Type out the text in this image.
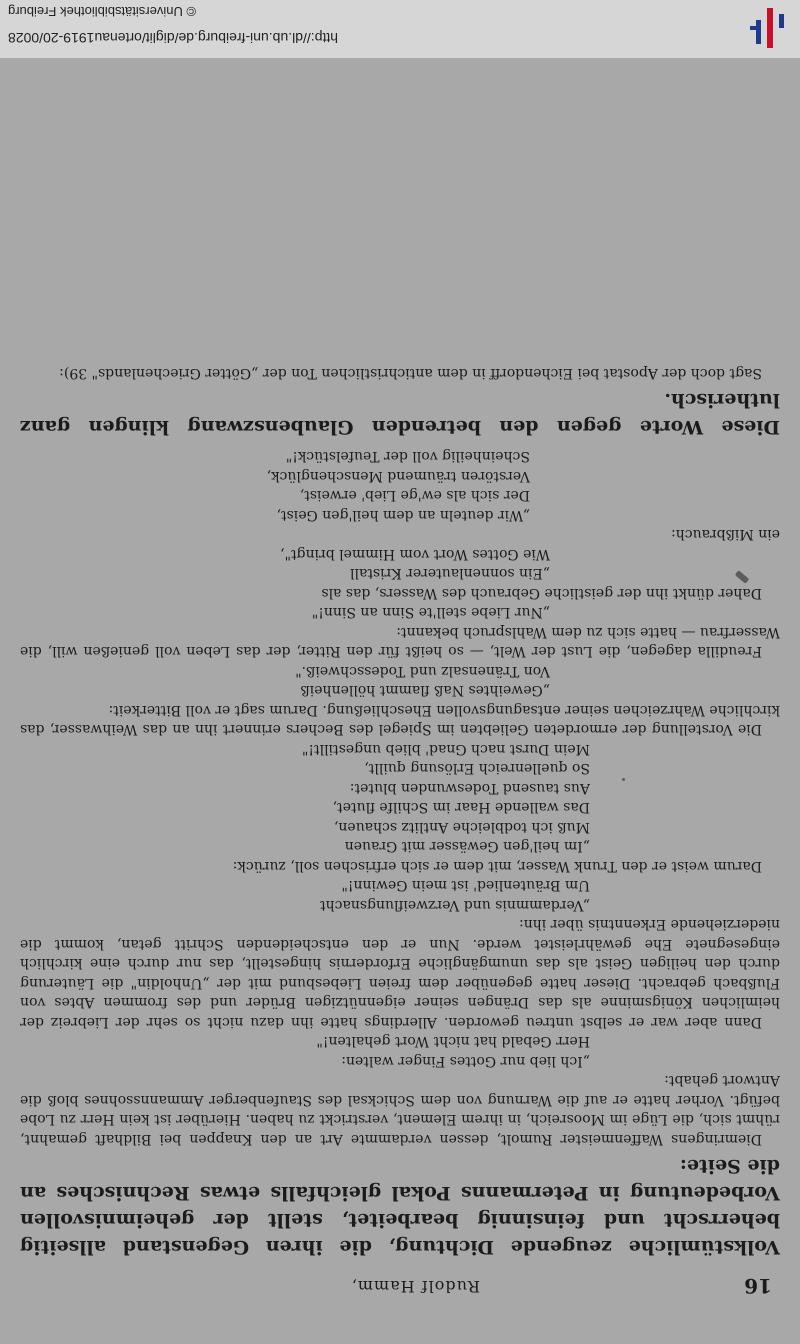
© Universitätsbibliothek Freiburg
http://dl.ub.uni-freiburg.de/diglit/ortenau1919-20/0028
16
Rudolf Hamm,

Volkstümliche zeugende Dichtung, die ihren Gegenstand allseitig beherrscht und feinsinnig bearbeitet, stellt der geheimnisvollen Vorbedeutung in Petermanns Pokal gleichfalls etwas Rechnisches an die Seite:

Diemringens Waffenmeister Rumolt, dessen verdammte Art an den Knappen bei Bildhaft gemahnt, rühmt sich, die Lüge im Moosreich, in ihrem Element, verstrickt zu haben. Hierüber ist kein Herr zu Lobe befügt. Vorher hatte er auf die Warnung von dem Schicksal des Staufenberger Ammannssohnes bloß die Antwort gehabt:

„Ich lieb nur Gottes Finger walten:
Herr Gebald hat nicht Wort gehalten!"

Dann aber war er selbst untreu geworden. Allerdings hatte ihn dazu nicht so sehr der Liebreiz der heimlichen Königsminne als das Drängen seiner eigennützigen Brüder und des frommen Abtes von Flußbach gebracht. Dieser hatte gegenüber dem freien Liebesbund mit der „Unholdin" die Läuterung durch den heiligen Geist als das unumgängliche Erfordernis hingestellt, das nur durch eine kirchlich eingesegnete Ehe gewährleistet werde. Nun er den entscheidenden Schritt getan, kommt die niederziehende Erkenntnis über ihn:

„Verdammnis und Verzweiflungsnacht
Um Bräutenlied' ist mein Gewinn!"

Darum weist er den Trunk Wasser, mit dem er sich erfrischen soll, zurück:

„Im heil'gen Gewässer mit Grauen
Muß ich todbleiche Antlitz schauen,
Das wallende Haar im Schilfe flutet,
Aus tausend Todeswunden blutet:
So quellenreich Erlösung quillt,
Mein Durst nach Gnad' blieb ungestillt!"

Die Vorstellung der ermordeten Geliebten im Spiegel des Bechers erinnert ihn an das Weihwasser, das kirchliche Wahrzeichen seiner entsagungsvollen Eheschließung. Darum sagt er voll Bitterkeit:

„Geweihtes Naß flammt höllenheiß
Von Tränensalz und Todesschweiß."

Freudilla dagegen, die Lust der Welt, — so heißt für den Ritter, der das Leben voll genießen will, die Wasserfrau — hatte sich zu dem Wahlspruch bekannt:

„Nur Liebe stell'te Sinn an Sinn!"

Daher dünkt ihn der geistliche Gebrauch des Wassers, das als

„Ein sonnenlauterer Kristall
Wie Gottes Wort vom Himmel bringt",

ein Mißbrauch:

„Wir deuteln an dem heil'gen Geist,
Der sich als ew'ge Lieb' erweist,
Verstören träumend Menschenglück,
Scheinheilig voll der Teufelstück!"

Diese Worte gegen den betrenden Glaubenszwang klingen ganz lutherisch.

Sagt doch der Apostat bei Eichendorff in dem antichristlichen Ton der „Götter Griechenlands" 39):
